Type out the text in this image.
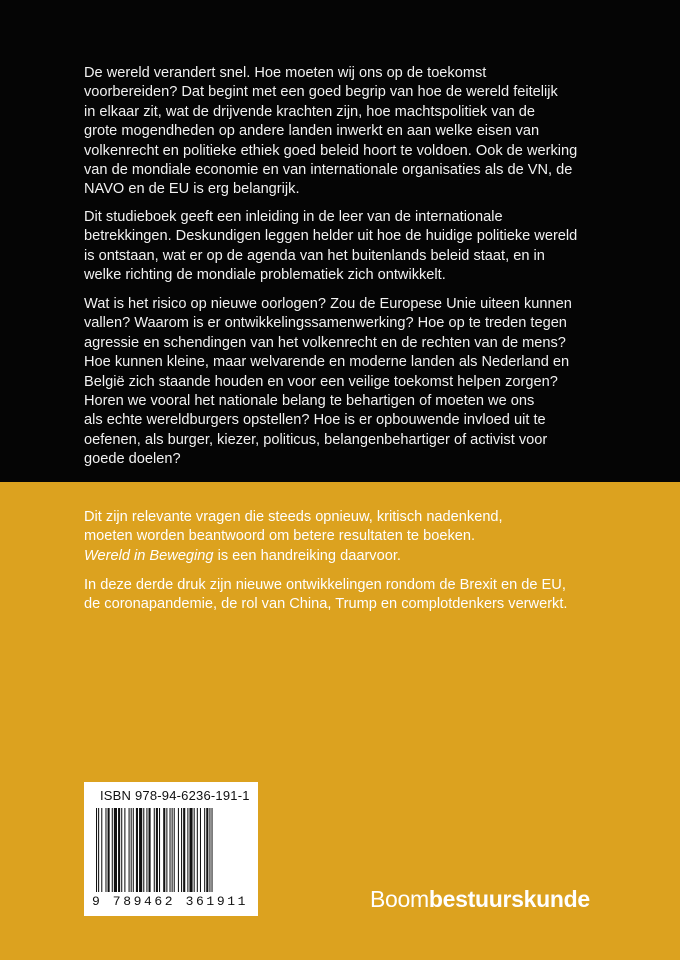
De wereld verandert snel. Hoe moeten wij ons op de toekomst
voorbereiden? Dat begint met een goed begrip van hoe de wereld feitelijk
in elkaar zit, wat de drijvende krachten zijn, hoe machtspolitiek van de
grote mogendheden op andere landen inwerkt en aan welke eisen van
volkenrecht en politieke ethiek goed beleid hoort te voldoen. Ook de werking
van de mondiale economie en van internationale organisaties als de VN, de
NAVO en de EU is erg belangrijk.

Dit studieboek geeft een inleiding in de leer van de internationale
betrekkingen. Deskundigen leggen helder uit hoe de huidige politieke wereld
is ontstaan, wat er op de agenda van het buitenlands beleid staat, en in
welke richting de mondiale problematiek zich ontwikkelt.

Wat is het risico op nieuwe oorlogen? Zou de Europese Unie uiteen kunnen
vallen? Waarom is er ontwikkelingssamenwerking? Hoe op te treden tegen
agressie en schendingen van het volkenrecht en de rechten van de mens?
Hoe kunnen kleine, maar welvarende en moderne landen als Nederland en
België zich staande houden en voor een veilige toekomst helpen zorgen?
Horen we vooral het nationale belang te behartigen of moeten we ons
als echte wereldburgers opstellen? Hoe is er opbouwende invloed uit te
oefenen, als burger, kiezer, politicus, belangenbehartiger of activist voor
goede doelen?

Dit zijn relevante vragen die steeds opnieuw, kritisch nadenkend,
moeten worden beantwoord om betere resultaten te boeken.
Wereld in Beweging is een handreiking daarvoor.

In deze derde druk zijn nieuwe ontwikkelingen rondom de Brexit en de EU,
de coronapandemie, de rol van China, Trump en complotdenkers verwerkt.

ISBN 978-94-6236-191-1
9 789462 361911	Boombestuurskunde
